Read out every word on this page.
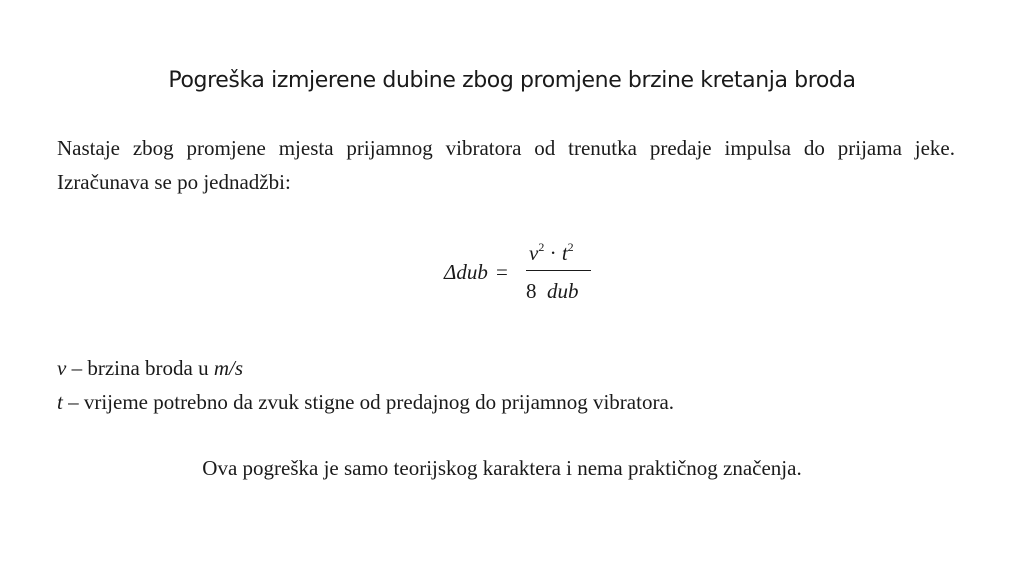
Pogreška izmjerene dubine zbog promjene brzine kretanja broda
Nastaje zbog promjene mjesta prijamnog vibratora od trenutka predaje impulsa do prijama jeke. Izračunava se po jednadžbi:
Δdub =
$v^2 \cdot t^2$
8 dub
v – brzina broda u m/s
t – vrijeme potrebno da zvuk stigne od predajnog do prijamnog vibratora.
Ova pogreška je samo teorijskog karaktera i nema praktičnog značenja.
